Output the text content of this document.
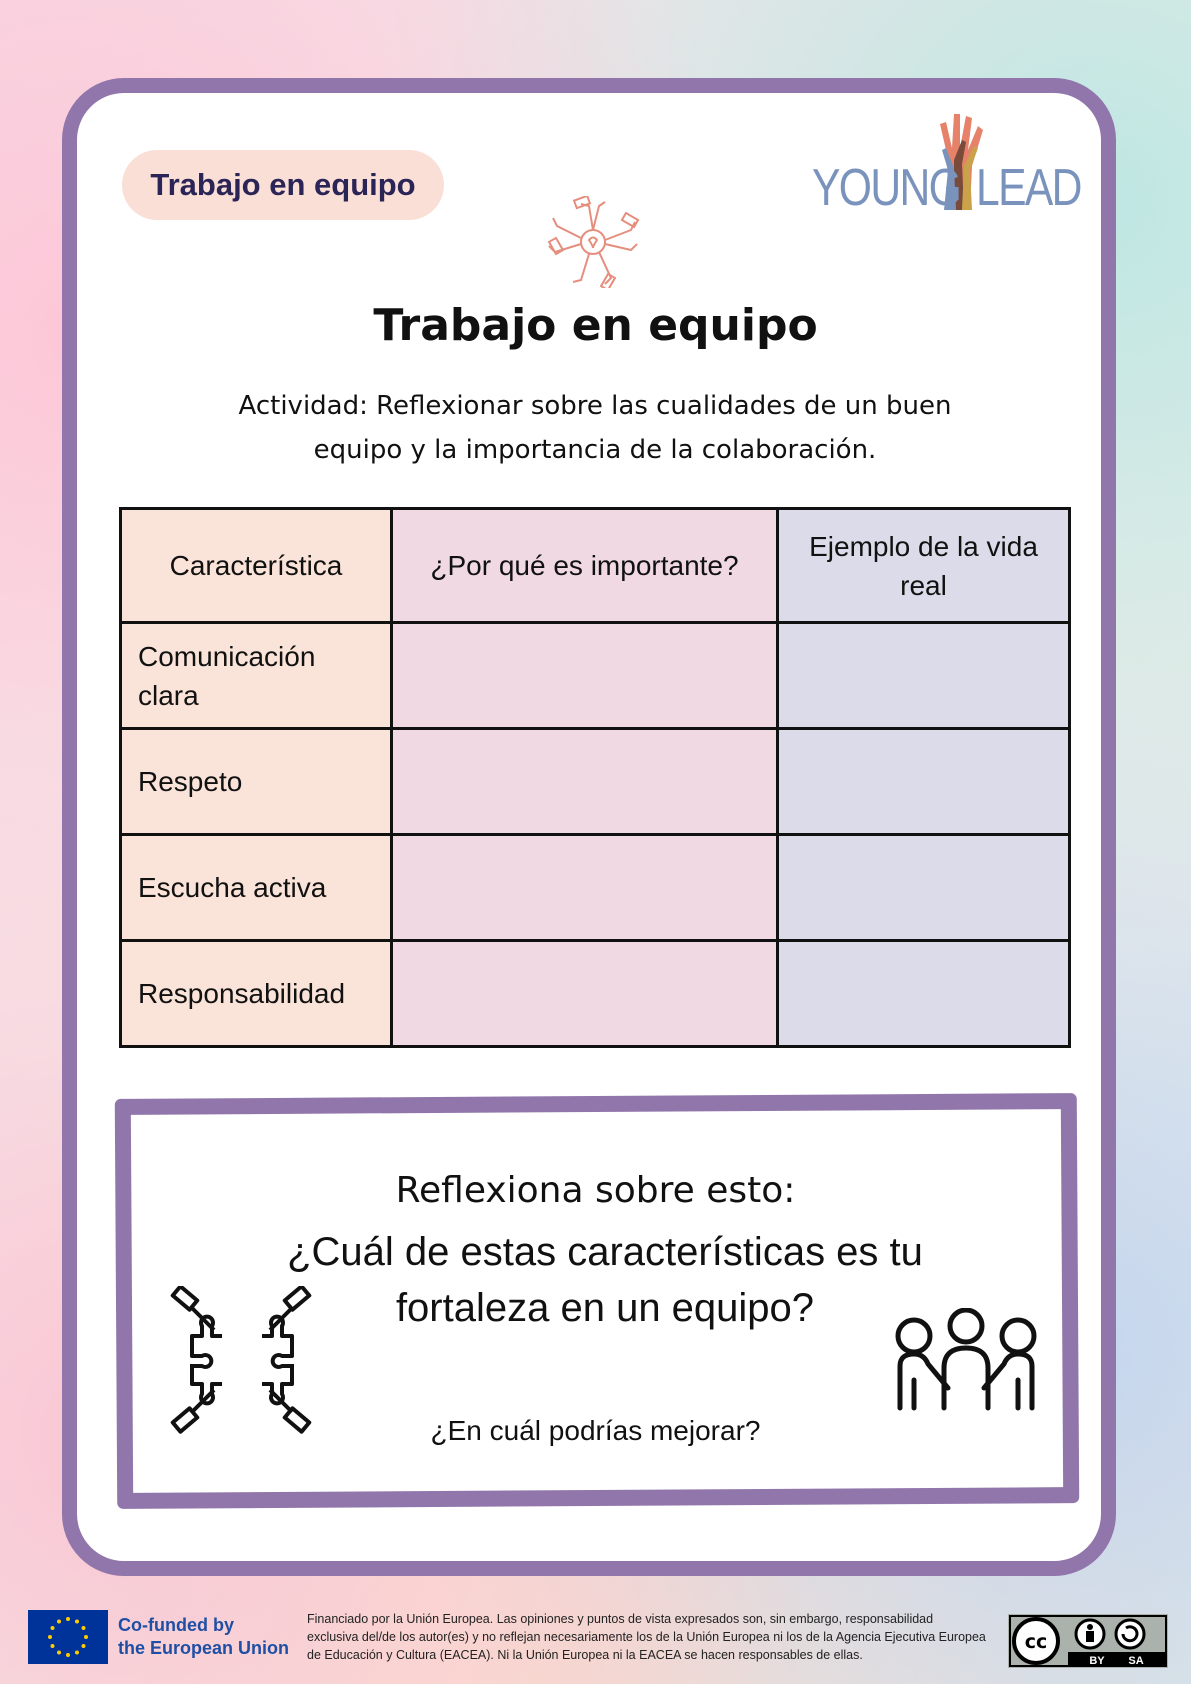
Trabajo en equipo	YOUNG LEAD
Trabajo en equipo
Actividad: Reflexionar sobre las cualidades de un buen equipo y la importancia de la colaboración.
Característica	¿Por qué es importante?	Ejemplo de la vida real
Comunicación clara		
Respeto		
Escucha activa		
Responsabilidad		
Reflexiona sobre esto:
¿Cuál de estas características es tu fortaleza en un equipo?
¿En cuál podrías mejorar?
Co-funded by
the European Union
Financiado por la Unión Europea. Las opiniones y puntos de vista expresados son, sin embargo, responsabilidad exclusiva del/de los autor(es) y no reflejan necesariamente los de la Unión Europea ni los de la Agencia Ejecutiva Europea de Educación y Cultura (EACEA). Ni la Unión Europea ni la EACEA se hacen responsables de ellas.
cc
BY SA
